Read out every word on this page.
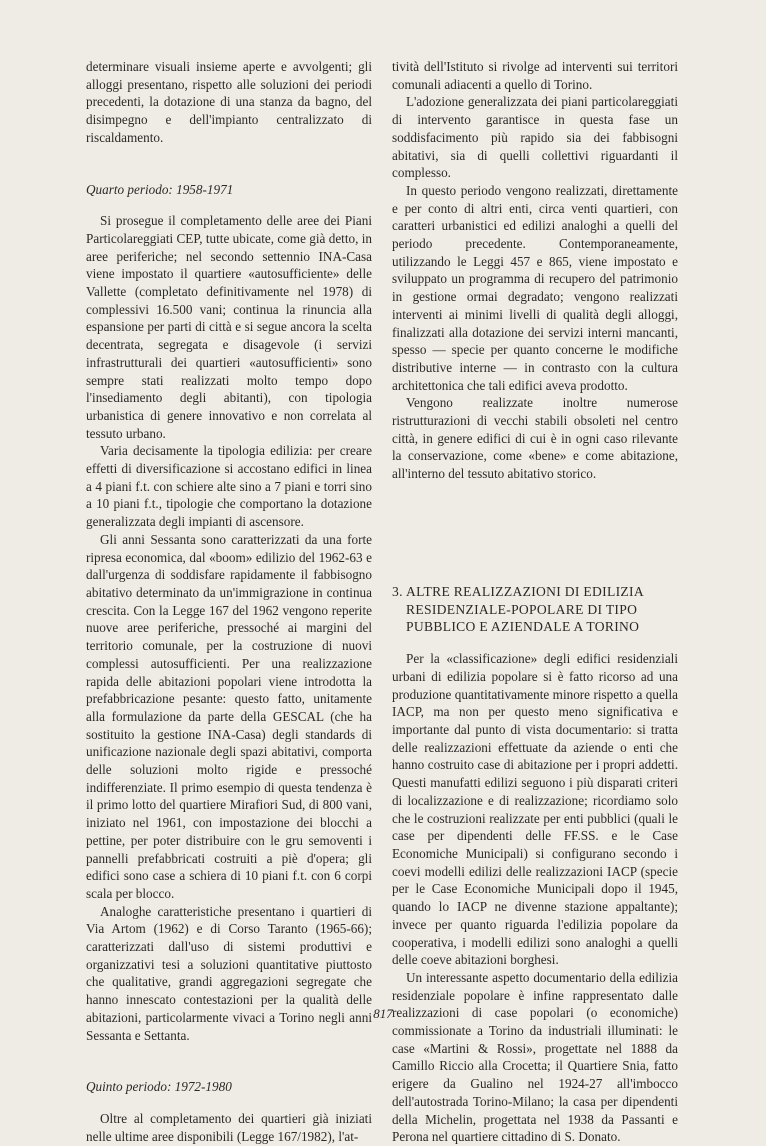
determinare visuali insieme aperte e avvolgenti; gli alloggi presentano, rispetto alle soluzioni dei periodi precedenti, la dotazione di una stanza da bagno, del disimpegno e dell'impianto centralizzato di riscaldamento.

Quarto periodo: 1958-1971

Si prosegue il completamento delle aree dei Piani Particolareggiati CEP, tutte ubicate, come già detto, in aree periferiche; nel secondo settennio INA-Casa viene impostato il quartiere «autosufficiente» delle Vallette (completato definitivamente nel 1978) di complessivi 16.500 vani; continua la rinuncia alla espansione per parti di città e si segue ancora la scelta decentrata, segregata e disagevole (i servizi infrastrutturali dei quartieri «autosufficienti» sono sempre stati realizzati molto tempo dopo l'insediamento degli abitanti), con tipologia urbanistica di genere innovativo e non correlata al tessuto urbano.

Varia decisamente la tipologia edilizia: per creare effetti di diversificazione si accostano edifici in linea a 4 piani f.t. con schiere alte sino a 7 piani e torri sino a 10 piani f.t., tipologie che comportano la dotazione generalizzata degli impianti di ascensore.

Gli anni Sessanta sono caratterizzati da una forte ripresa economica, dal «boom» edilizio del 1962-63 e dall'urgenza di soddisfare rapidamente il fabbisogno abitativo determinato da un'immigrazione in continua crescita. Con la Legge 167 del 1962 vengono reperite nuove aree periferiche, pressoché ai margini del territorio comunale, per la costruzione di nuovi complessi autosufficienti. Per una realizzazione rapida delle abitazioni popolari viene introdotta la prefabbricazione pesante: questo fatto, unitamente alla formulazione da parte della GESCAL (che ha sostituito la gestione INA-Casa) degli standards di unificazione nazionale degli spazi abitativi, comporta delle soluzioni molto rigide e pressoché indifferenziate. Il primo esempio di questa tendenza è il primo lotto del quartiere Mirafiori Sud, di 800 vani, iniziato nel 1961, con impostazione dei blocchi a pettine, per poter distribuire con le gru semoventi i pannelli prefabbricati costruiti a piè d'opera; gli edifici sono case a schiera di 10 piani f.t. con 6 corpi scala per blocco.

Analoghe caratteristiche presentano i quartieri di Via Artom (1962) e di Corso Taranto (1965-66); caratterizzati dall'uso di sistemi produttivi e organizzativi tesi a soluzioni quantitative piuttosto che qualitative, grandi aggregazioni segregate che hanno innescato contestazioni per la qualità delle abitazioni, particolarmente vivaci a Torino negli anni Sessanta e Settanta.

Quinto periodo: 1972-1980

Oltre al completamento dei quartieri già iniziati nelle ultime aree disponibili (Legge 167/1982), l'at-

tività dell'Istituto si rivolge ad interventi sui territori comunali adiacenti a quello di Torino.

L'adozione generalizzata dei piani particolareggiati di intervento garantisce in questa fase un soddisfacimento più rapido sia dei fabbisogni abitativi, sia di quelli collettivi riguardanti il complesso.

In questo periodo vengono realizzati, direttamente e per conto di altri enti, circa venti quartieri, con caratteri urbanistici ed edilizi analoghi a quelli del periodo precedente. Contemporaneamente, utilizzando le Leggi 457 e 865, viene impostato e sviluppato un programma di recupero del patrimonio in gestione ormai degradato; vengono realizzati interventi ai minimi livelli di qualità degli alloggi, finalizzati alla dotazione dei servizi interni mancanti, spesso — specie per quanto concerne le modifiche distributive interne — in contrasto con la cultura architettonica che tali edifici aveva prodotto.

Vengono realizzate inoltre numerose ristrutturazioni di vecchi stabili obsoleti nel centro città, in genere edifici di cui è in ogni caso rilevante la conservazione, come «bene» e come abitazione, all'interno del tessuto abitativo storico.

3. ALTRE REALIZZAZIONI DI EDILIZIA
RESIDENZIALE-POPOLARE DI TIPO
PUBBLICO E AZIENDALE A TORINO

Per la «classificazione» degli edifici residenziali urbani di edilizia popolare si è fatto ricorso ad una produzione quantitativamente minore rispetto a quella IACP, ma non per questo meno significativa e importante dal punto di vista documentario: si tratta delle realizzazioni effettuate da aziende o enti che hanno costruito case di abitazione per i propri addetti. Questi manufatti edilizi seguono i più disparati criteri di localizzazione e di realizzazione; ricordiamo solo che le costruzioni realizzate per enti pubblici (quali le case per dipendenti delle FF.SS. e le Case Economiche Municipali) si configurano secondo i coevi modelli edilizi delle realizzazioni IACP (specie per le Case Economiche Municipali dopo il 1945, quando lo IACP ne divenne stazione appaltante); invece per quanto riguarda l'edilizia popolare da cooperativa, i modelli edilizi sono analoghi a quelli delle coeve abitazioni borghesi.

Un interessante aspetto documentario della edilizia residenziale popolare è infine rappresentato dalle realizzazioni di case popolari (o economiche) commissionate a Torino da industriali illuminati: le case «Martini & Rossi», progettate nel 1888 da Camillo Riccio alla Crocetta; il Quartiere Snia, fatto erigere da Gualino nel 1924-27 all'imbocco dell'autostrada Torino-Milano; la casa per dipendenti della Michelin, progettata nel 1938 da Passanti e Perona nel quartiere cittadino di S. Donato.

817
